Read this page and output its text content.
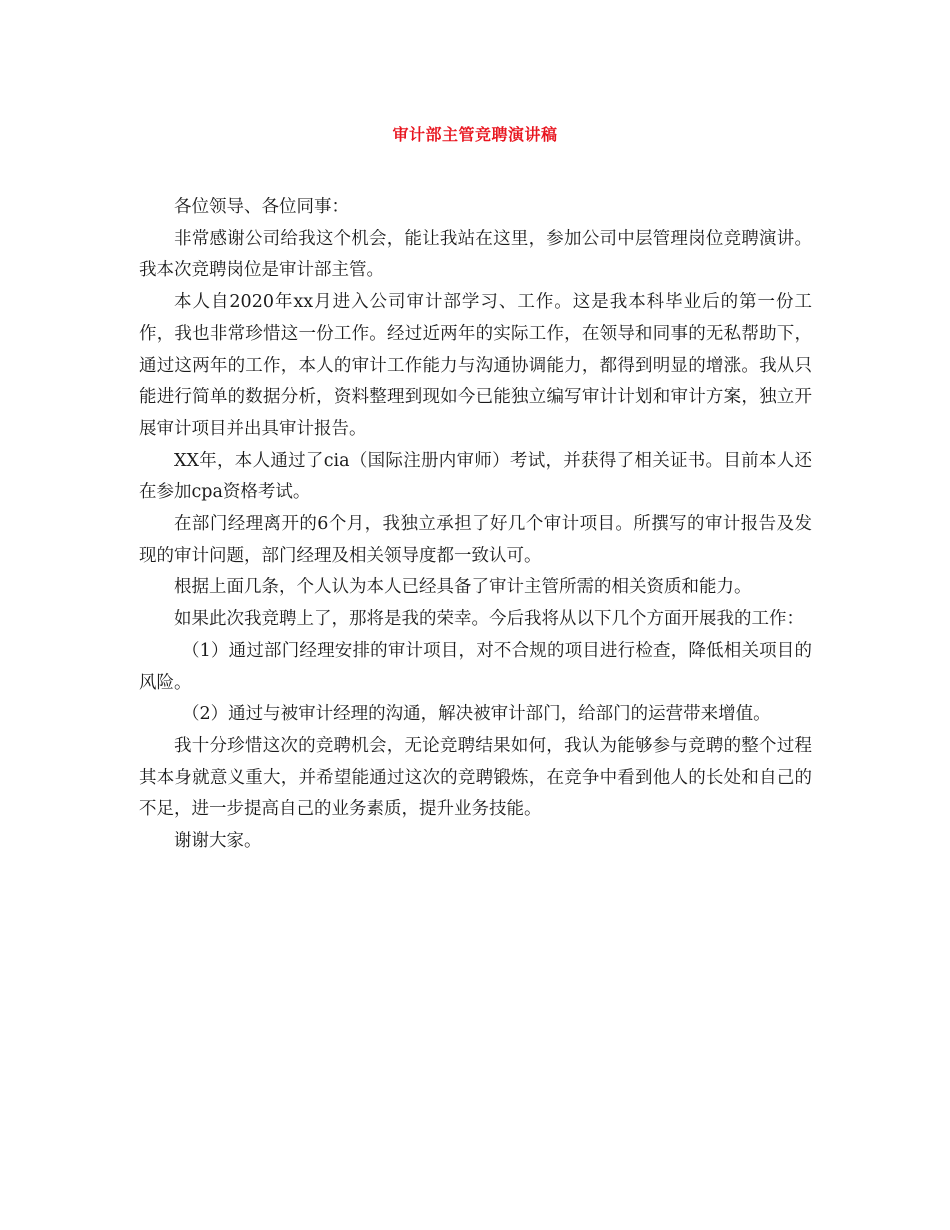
审计部主管竞聘演讲稿

各位领导、各位同事：

非常感谢公司给我这个机会，能让我站在这里，参加公司中层管理岗位竞聘演讲。我本次竞聘岗位是审计部主管。

本人自2020年xx月进入公司审计部学习、工作。这是我本科毕业后的第一份工作，我也非常珍惜这一份工作。经过近两年的实际工作，在领导和同事的无私帮助下，通过这两年的工作，本人的审计工作能力与沟通协调能力，都得到明显的增涨。我从只能进行简单的数据分析，资料整理到现如今已能独立编写审计计划和审计方案，独立开展审计项目并出具审计报告。

XX年，本人通过了cia（国际注册内审师）考试，并获得了相关证书。目前本人还在参加cpa资格考试。

在部门经理离开的6个月，我独立承担了好几个审计项目。所撰写的审计报告及发现的审计问题，部门经理及相关领导度都一致认可。

根据上面几条，个人认为本人已经具备了审计主管所需的相关资质和能力。

如果此次我竞聘上了，那将是我的荣幸。今后我将从以下几个方面开展我的工作：

（1）通过部门经理安排的审计项目，对不合规的项目进行检查，降低相关项目的风险。

（2）通过与被审计经理的沟通，解决被审计部门，给部门的运营带来增值。

我十分珍惜这次的竞聘机会，无论竞聘结果如何，我认为能够参与竞聘的整个过程其本身就意义重大，并希望能通过这次的竞聘锻炼，在竞争中看到他人的长处和自己的不足，进一步提高自己的业务素质，提升业务技能。

谢谢大家。
